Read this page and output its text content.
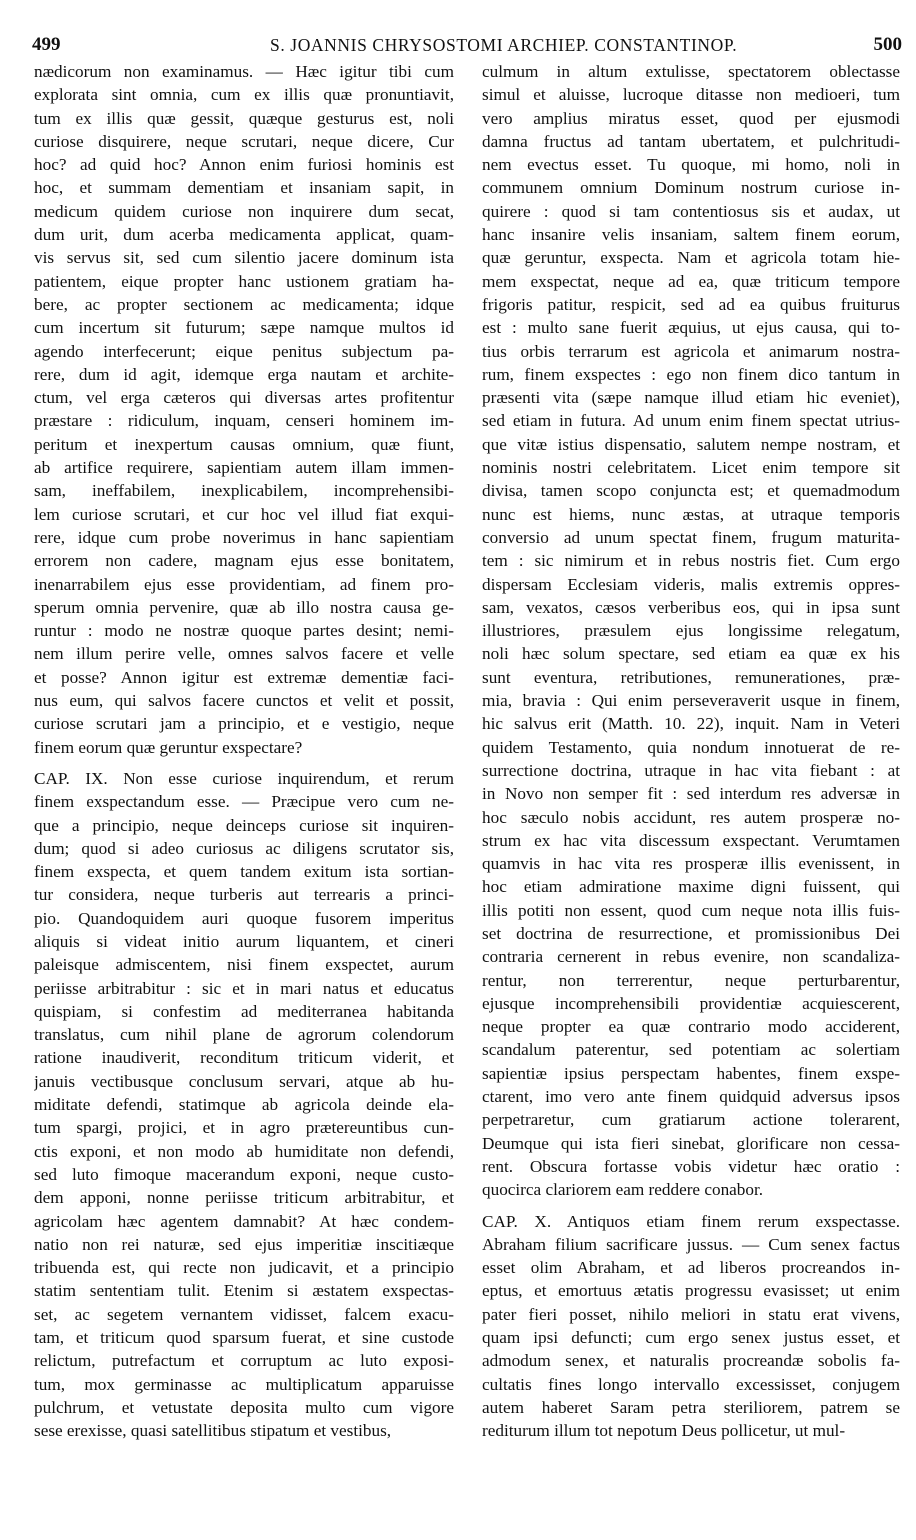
499	S. JOANNIS CHRYSOSTOMI ARCHIEP. CONSTANTINOP.	500
nædicorum non examinamus. — Hæc igitur tibi cum
explorata sint omnia, cum ex illis quæ pronuntiavit,
tum ex illis quæ gessit, quæque gesturus est, noli
curiose disquirere, neque scrutari, neque dicere, Cur
hoc? ad quid hoc? Annon enim furiosi hominis est
hoc, et summam dementiam et insaniam sapit, in
medicum quidem curiose non inquirere dum secat,
dum urit, dum acerba medicamenta applicat, quam-
vis servus sit, sed cum silentio jacere dominum ista
patientem, eique propter hanc ustionem gratiam ha-
bere, ac propter sectionem ac medicamenta; idque
cum incertum sit futurum; sæpe namque multos id
agendo interfecerunt; eique penitus subjectum pa-
rere, dum id agit, idemque erga nautam et archite-
ctum, vel erga cæteros qui diversas artes profitentur
præstare : ridiculum, inquam, censeri hominem im-
peritum et inexpertum causas omnium, quæ fiunt,
ab artifice requirere, sapientiam autem illam immen-
sam, ineffabilem, inexplicabilem, incomprehensibi-
lem curiose scrutari, et cur hoc vel illud fiat exqui-
rere, idque cum probe noverimus in hanc sapientiam
errorem non cadere, magnam ejus esse bonitatem,
inenarrabilem ejus esse providentiam, ad finem pro-
sperum omnia pervenire, quæ ab illo nostra causa ge-
runtur : modo ne nostræ quoque partes desint; nemi-
nem illum perire velle, omnes salvos facere et velle
et posse? Annon igitur est extremæ dementiæ faci-
nus eum, qui salvos facere cunctos et velit et possit,
curiose scrutari jam a principio, et e vestigio, neque
finem eorum quæ geruntur exspectare?
CAP. IX. Non esse curiose inquirendum, et rerum
finem exspectandum esse. — Præcipue vero cum ne-
que a principio, neque deinceps curiose sit inquiren-
dum; quod si adeo curiosus ac diligens scrutator sis,
finem exspecta, et quem tandem exitum ista sortian-
tur considera, neque turberis aut terrearis a princi-
pio. Quandoquidem auri quoque fusorem imperitus
aliquis si videat initio aurum liquantem, et cineri
paleisque admiscentem, nisi finem exspectet, aurum
periisse arbitrabitur : sic et in mari natus et educatus
quispiam, si confestim ad mediterranea habitanda
translatus, cum nihil plane de agrorum colendorum
ratione inaudiverit, reconditum triticum viderit, et
januis vectibusque conclusum servari, atque ab hu-
miditate defendi, statimque ab agricola deinde ela-
tum spargi, projici, et in agro prætereuntibus cun-
ctis exponi, et non modo ab humiditate non defendi,
sed luto fimoque macerandum exponi, neque custo-
dem apponi, nonne periisse triticum arbitrabitur, et
agricolam hæc agentem damnabit? At hæc condem-
natio non rei naturæ, sed ejus imperitiæ inscitiæque
tribuenda est, qui recte non judicavit, et a principio
statim sententiam tulit. Etenim si æstatem exspectas-
set, ac segetem vernantem vidisset, falcem exacu-
tam, et triticum quod sparsum fuerat, et sine custode
relictum, putrefactum et corruptum ac luto exposi-
tum, mox germinasse ac multiplicatum apparuisse
pulchrum, et vetustate deposita multo cum vigore
sese erexisse, quasi satellitibus stipatum et vestibus,
culmum in altum extulisse, spectatorem oblectasse
simul et aluisse, lucroque ditasse non medioeri, tum
vero amplius miratus esset, quod per ejusmodi
damna fructus ad tantam ubertatem, et pulchritudi-
nem evectus esset. Tu quoque, mi homo, noli in
communem omnium Dominum nostrum curiose in-
quirere : quod si tam contentiosus sis et audax, ut
hanc insanire velis insaniam, saltem finem eorum,
quæ geruntur, exspecta. Nam et agricola totam hie-
mem exspectat, neque ad ea, quæ triticum tempore
frigoris patitur, respicit, sed ad ea quibus fruiturus
est : multo sane fuerit æquius, ut ejus causa, qui to-
tius orbis terrarum est agricola et animarum nostra-
rum, finem exspectes : ego non finem dico tantum in
præsenti vita (sæpe namque illud etiam hic eveniet),
sed etiam in futura. Ad unum enim finem spectat utrius-
que vitæ istius dispensatio, salutem nempe nostram, et
nominis nostri celebritatem. Licet enim tempore sit
divisa, tamen scopo conjuncta est; et quemadmodum
nunc est hiems, nunc æstas, at utraque temporis
conversio ad unum spectat finem, frugum maturita-
tem : sic nimirum et in rebus nostris fiet. Cum ergo
dispersam Ecclesiam videris, malis extremis oppres-
sam, vexatos, cæsos verberibus eos, qui in ipsa sunt
illustriores, præsulem ejus longissime relegatum,
noli hæc solum spectare, sed etiam ea quæ ex his
sunt eventura, retributiones, remunerationes, præ-
mia, bravia : Qui enim perseveraverit usque in finem,
hic salvus erit (Matth. 10. 22), inquit. Nam in Veteri
quidem Testamento, quia nondum innotuerat de re-
surrectione doctrina, utraque in hac vita fiebant : at
in Novo non semper fit : sed interdum res adversæ in
hoc sæculo nobis accidunt, res autem prosperæ no-
strum ex hac vita discessum exspectant. Verumtamen
quamvis in hac vita res prosperæ illis evenissent, in
hoc etiam admiratione maxime digni fuissent, qui
illis potiti non essent, quod cum neque nota illis fuis-
set doctrina de resurrectione, et promissionibus Dei
contraria cernerent in rebus evenire, non scandaliza-
rentur, non terrerentur, neque perturbarentur,
ejusque incomprehensibili providentiæ acquiescerent,
neque propter ea quæ contrario modo acciderent,
scandalum paterentur, sed potentiam ac solertiam
sapientiæ ipsius perspectam habentes, finem exspe-
ctarent, imo vero ante finem quidquid adversus ipsos
perpetraretur, cum gratiarum actione tolerarent,
Deumque qui ista fieri sinebat, glorificare non cessa-
rent. Obscura fortasse vobis videtur hæc oratio :
quocirca clariorem eam reddere conabor.
CAP. X. Antiquos etiam finem rerum exspectasse.
Abraham filium sacrificare jussus. — Cum senex factus
esset olim Abraham, et ad liberos procreandos in-
eptus, et emortuus ætatis progressu evasisset; ut enim
pater fieri posset, nihilo meliori in statu erat vivens,
quam ipsi defuncti; cum ergo senex justus esset, et
admodum senex, et naturalis procreandæ sobolis fa-
cultatis fines longo intervallo excessisset, conjugem
autem haberet Saram petra steriliorem, patrem se
rediturum illum tot nepotum Deus pollicetur, ut mul-
